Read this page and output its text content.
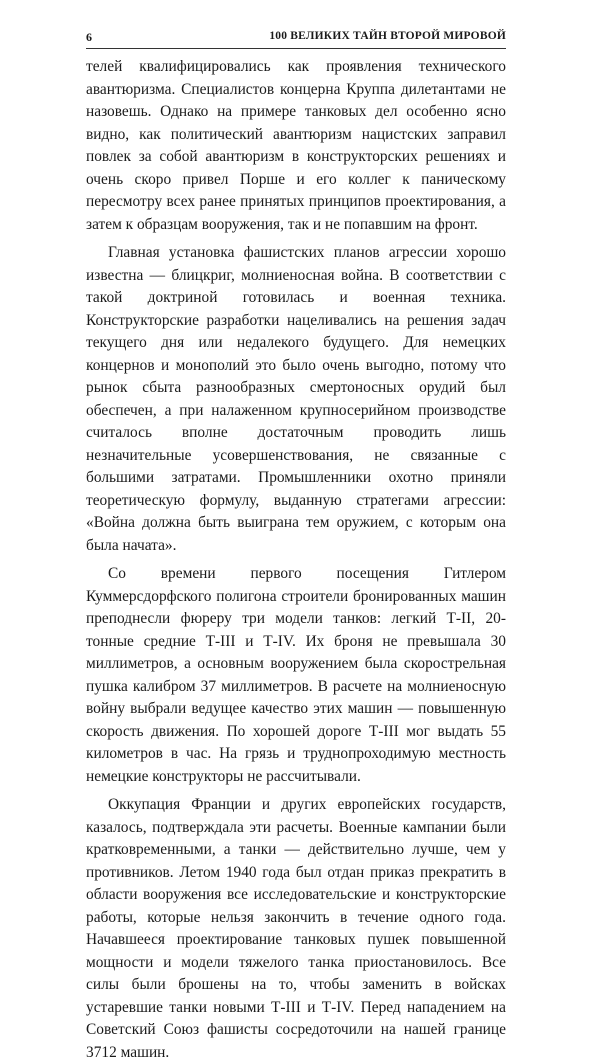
6	100 ВЕЛИКИХ ТАЙН ВТОРОЙ МИРОВОЙ

телей квалифицировались как проявления технического авантюризма. Специалистов концерна Круппа дилетантами не назовешь. Однако на примере танковых дел особенно ясно видно, как политический авантюризм нацистских заправил повлек за собой авантюризм в конструкторских решениях и очень скоро привел Порше и его коллег к паническому пересмотру всех ранее принятых принципов проектирования, а затем к образцам вооружения, так и не попавшим на фронт.

Главная установка фашистских планов агрессии хорошо известна — блицкриг, молниеносная война. В соответствии с такой доктриной готовилась и военная техника. Конструкторские разработки нацеливались на решения задач текущего дня или недалекого будущего. Для немецких концернов и монополий это было очень выгодно, потому что рынок сбыта разнообразных смертоносных орудий был обеспечен, а при налаженном крупносерийном производстве считалось вполне достаточным проводить лишь незначительные усовершенствования, не связанные с большими затратами. Промышленники охотно приняли теоретическую формулу, выданную стратегами агрессии: «Война должна быть выиграна тем оружием, с которым она была начата».

Со времени первого посещения Гитлером Куммерсдорфского полигона строители бронированных машин преподнесли фюреру три модели танков: легкий Т-II, 20-тонные средние Т-III и Т-IV. Их броня не превышала 30 миллиметров, а основным вооружением была скорострельная пушка калибром 37 миллиметров. В расчете на молниеносную войну выбрали ведущее качество этих машин — повышенную скорость движения. По хорошей дороге Т-III мог выдать 55 километров в час. На грязь и труднопроходимую местность немецкие конструкторы не рассчитывали.

Оккупация Франции и других европейских государств, казалось, подтверждала эти расчеты. Военные кампании были кратковременными, а танки — действительно лучше, чем у противников. Летом 1940 года был отдан приказ прекратить в области вооружения все исследовательские и конструкторские работы, которые нельзя закончить в течение одного года. Начавшееся проектирование танковых пушек повышенной мощности и модели тяжелого танка приостановилось. Все силы были брошены на то, чтобы заменить в войсках устаревшие танки новыми Т-III и Т-IV. Перед нападением на Советский Союз фашисты сосредоточили на нашей границе 3712 машин.
